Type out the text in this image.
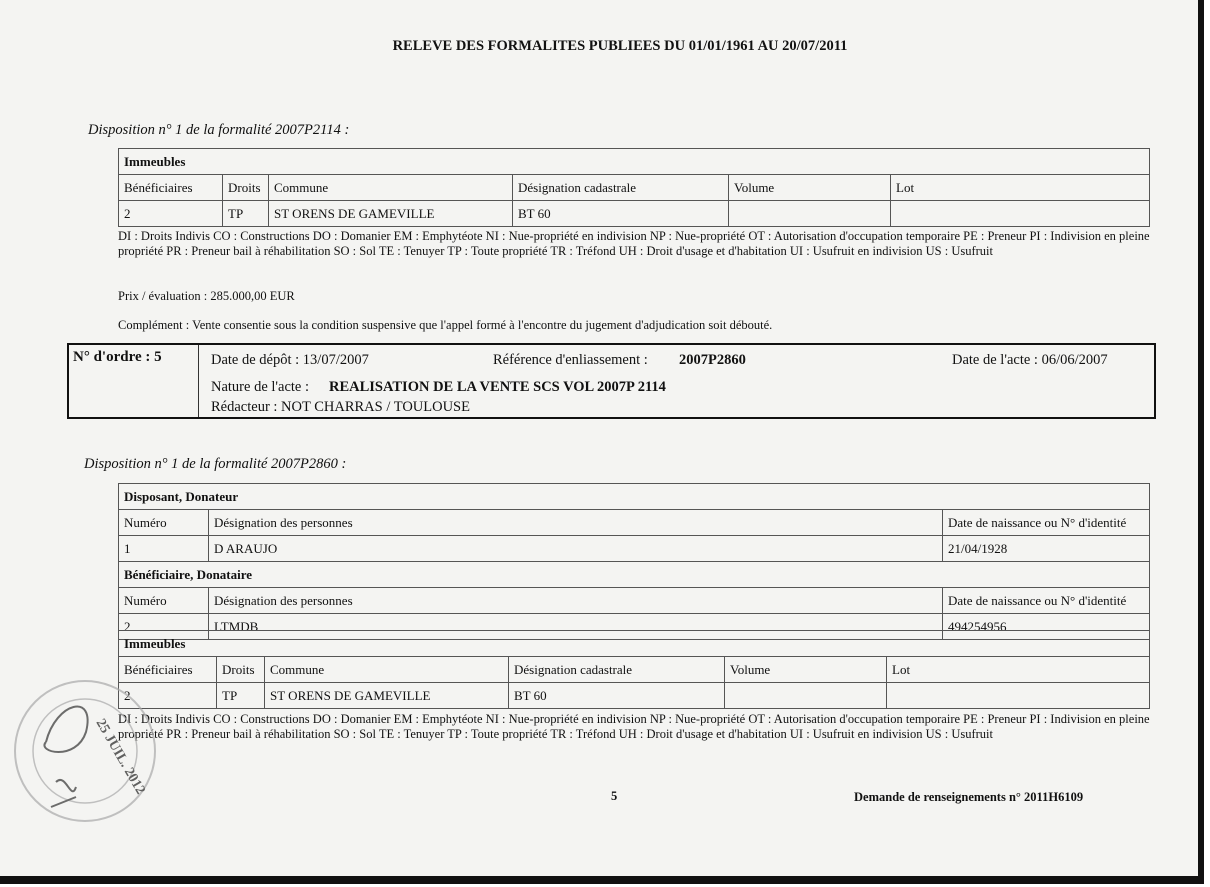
RELEVE DES FORMALITES PUBLIEES DU 01/01/1961 AU 20/07/2011
Disposition n° 1 de la formalité 2007P2114 :
Immeubles					
Bénéficiaires	Droits	Commune	Désignation cadastrale	Volume	Lot
2	TP	ST ORENS DE GAMEVILLE	BT 60		
DI : Droits Indivis CO : Constructions DO : Domanier EM : Emphytéote NI : Nue-propriété en indivision NP : Nue-propriété OT : Autorisation d'occupation temporaire PE : Preneur PI : Indivision en pleine propriété PR : Preneur bail à réhabilitation SO : Sol TE : Tenuyer TP : Toute propriété TR : Tréfond UH : Droit d'usage et d'habitation UI : Usufruit en indivision US : Usufruit
Prix / évaluation : 285.000,00 EUR
Complément : Vente consentie sous la condition suspensive que l'appel formé à l'encontre du jugement d'adjudication soit débouté.
N° d'ordre : 5	Date de dépôt : 13/07/2007	Référence d'enliassement : 2007P2860	Date de l'acte : 06/06/2007
Nature de l'acte : REALISATION DE LA VENTE SCS VOL 2007P 2114
Rédacteur : NOT CHARRAS / TOULOUSE
Disposition n° 1 de la formalité 2007P2860 :
Disposant, Donateur		
Numéro	Désignation des personnes	Date de naissance ou N° d'identité
1	D ARAUJO	21/04/1928
Bénéficiaire, Donataire		
Numéro	Désignation des personnes	Date de naissance ou N° d'identité
2	LTMDB	494254956
Immeubles					
Bénéficiaires	Droits	Commune	Désignation cadastrale	Volume	Lot
2	TP	ST ORENS DE GAMEVILLE	BT 60		
DI : Droits Indivis CO : Constructions DO : Domanier EM : Emphytéote NI : Nue-propriété en indivision NP : Nue-propriété OT : Autorisation d'occupation temporaire PE : Preneur PI : Indivision en pleine propriété PR : Preneur bail à réhabilitation SO : Sol TE : Tenuyer TP : Toute propriété TR : Tréfond UH : Droit d'usage et d'habitation UI : Usufruit en indivision US : Usufruit
25 JUIL. 2012	5	Demande de renseignements n° 2011H6109
